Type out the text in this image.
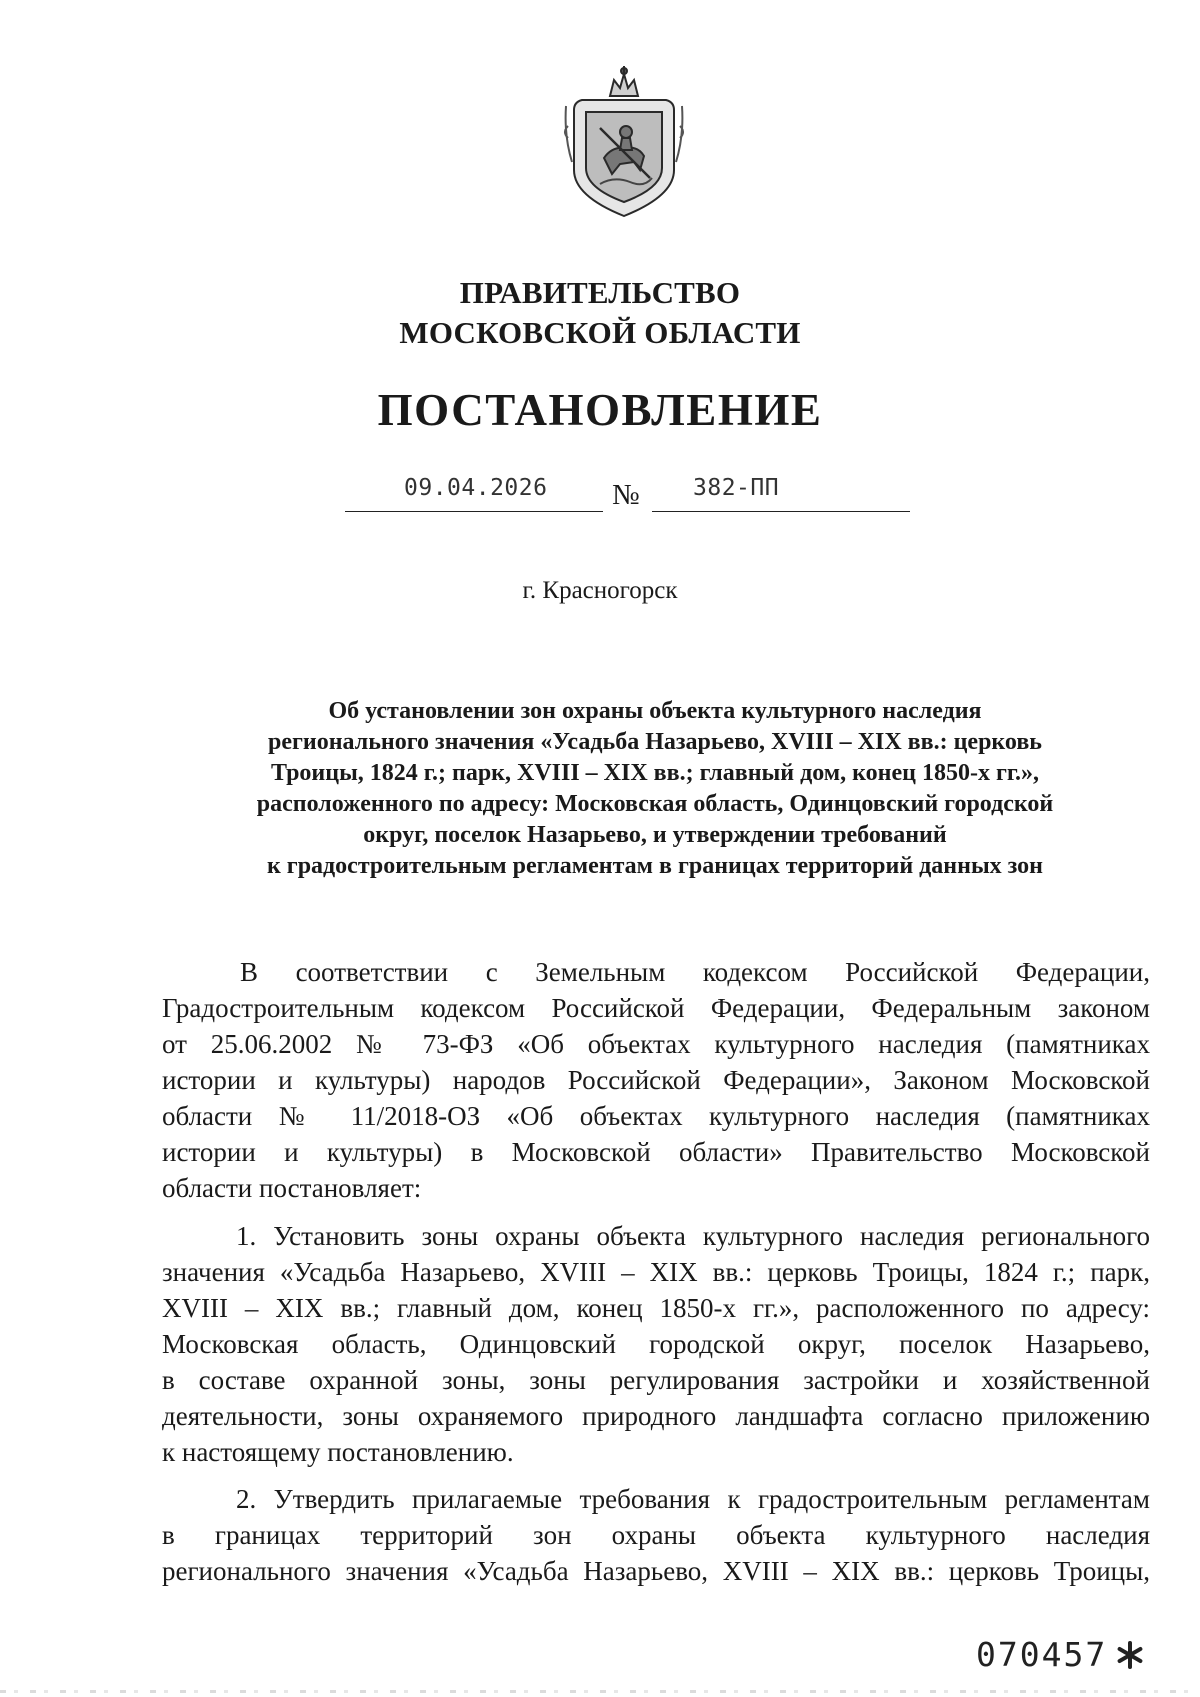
ПРАВИТЕЛЬСТВО
МОСКОВСКОЙ ОБЛАСТИ
ПОСТАНОВЛЕНИЕ
09.04.2026 № 382-ПП
г. Красногорск
Об установлении зон охраны объекта культурного наследия
регионального значения «Усадьба Назарьево, XVIII – XIX вв.: церковь
Троицы, 1824 г.; парк, XVIII – XIX вв.; главный дом, конец 1850-х гг.»,
расположенного по адресу: Московская область, Одинцовский городской
округ, поселок Назарьево, и утверждении требований
к градостроительным регламентам в границах территорий данных зон
В соответствии с Земельным кодексом Российской Федерации,
Градостроительным кодексом Российской Федерации, Федеральным законом
от 25.06.2002 № 73-ФЗ «Об объектах культурного наследия (памятниках
истории и культуры) народов Российской Федерации», Законом Московской
области № 11/2018-ОЗ «Об объектах культурного наследия (памятниках
истории и культуры) в Московской области» Правительство Московской
области постановляет:
1. Установить зоны охраны объекта культурного наследия регионального
значения «Усадьба Назарьево, XVIII – XIX вв.: церковь Троицы, 1824 г.; парк,
XVIII – XIX вв.; главный дом, конец 1850-х гг.», расположенного по адресу:
Московская область, Одинцовский городской округ, поселок Назарьево,
в составе охранной зоны, зоны регулирования застройки и хозяйственной
деятельности, зоны охраняемого природного ландшафта согласно приложению
к настоящему постановлению.
2. Утвердить прилагаемые требования к градостроительным регламентам
в границах территорий зон охраны объекта культурного наследия
регионального значения «Усадьба Назарьево, XVIII – XIX вв.: церковь Троицы,
070457
